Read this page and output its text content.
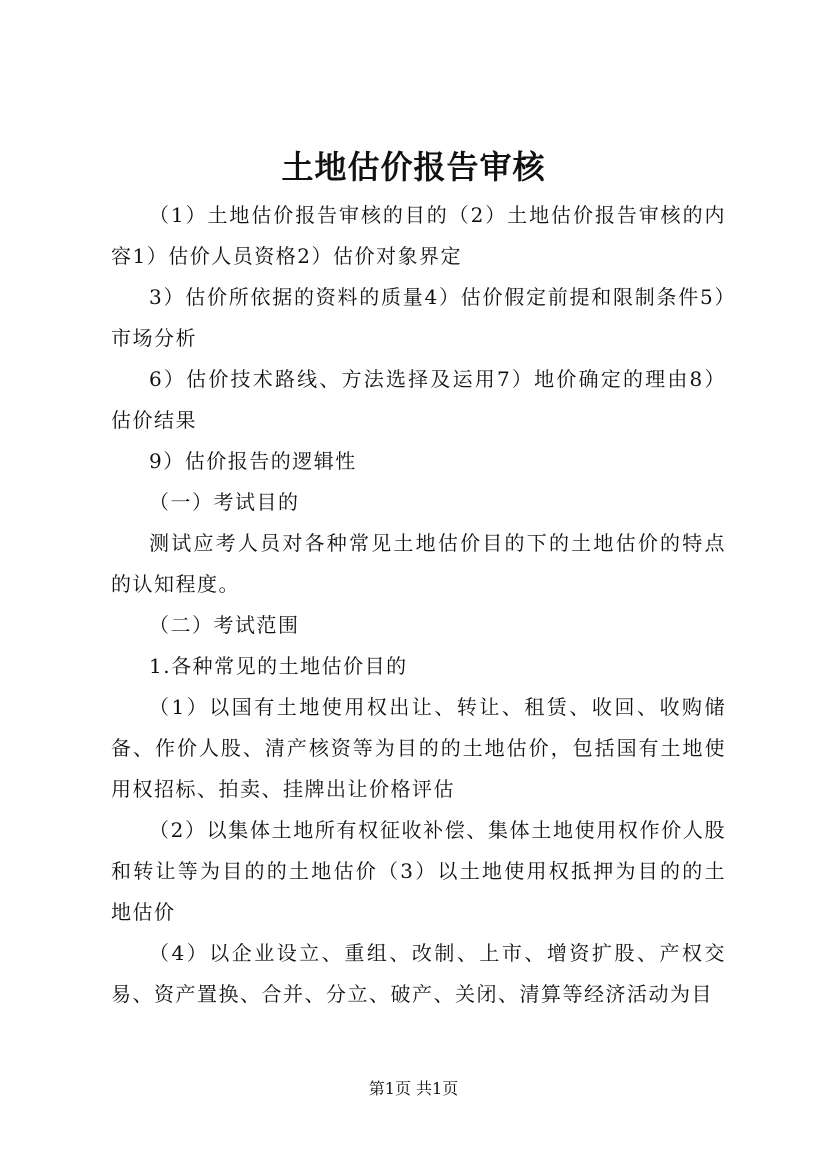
土地估价报告审核

（1）土地估价报告审核的目的（2）土地估价报告审核的内容1）估价人员资格2）估价对象界定

3）估价所依据的资料的质量4）估价假定前提和限制条件5）市场分析

6）估价技术路线、方法选择及运用7）地价确定的理由8）估价结果

9）估价报告的逻辑性

（一）考试目的

测试应考人员对各种常见土地估价目的下的土地估价的特点的认知程度。

（二）考试范围

1.各种常见的土地估价目的

（1）以国有土地使用权出让、转让、租赁、收回、收购储备、作价人股、清产核资等为目的的土地估价，包括国有土地使用权招标、拍卖、挂牌出让价格评估

（2）以集体土地所有权征收补偿、集体土地使用权作价人股和转让等为目的的土地估价（3）以土地使用权抵押为目的的土地估价

（4）以企业设立、重组、改制、上市、增资扩股、产权交易、资产置换、合并、分立、破产、关闭、清算等经济活动为目

第1页 共1页
